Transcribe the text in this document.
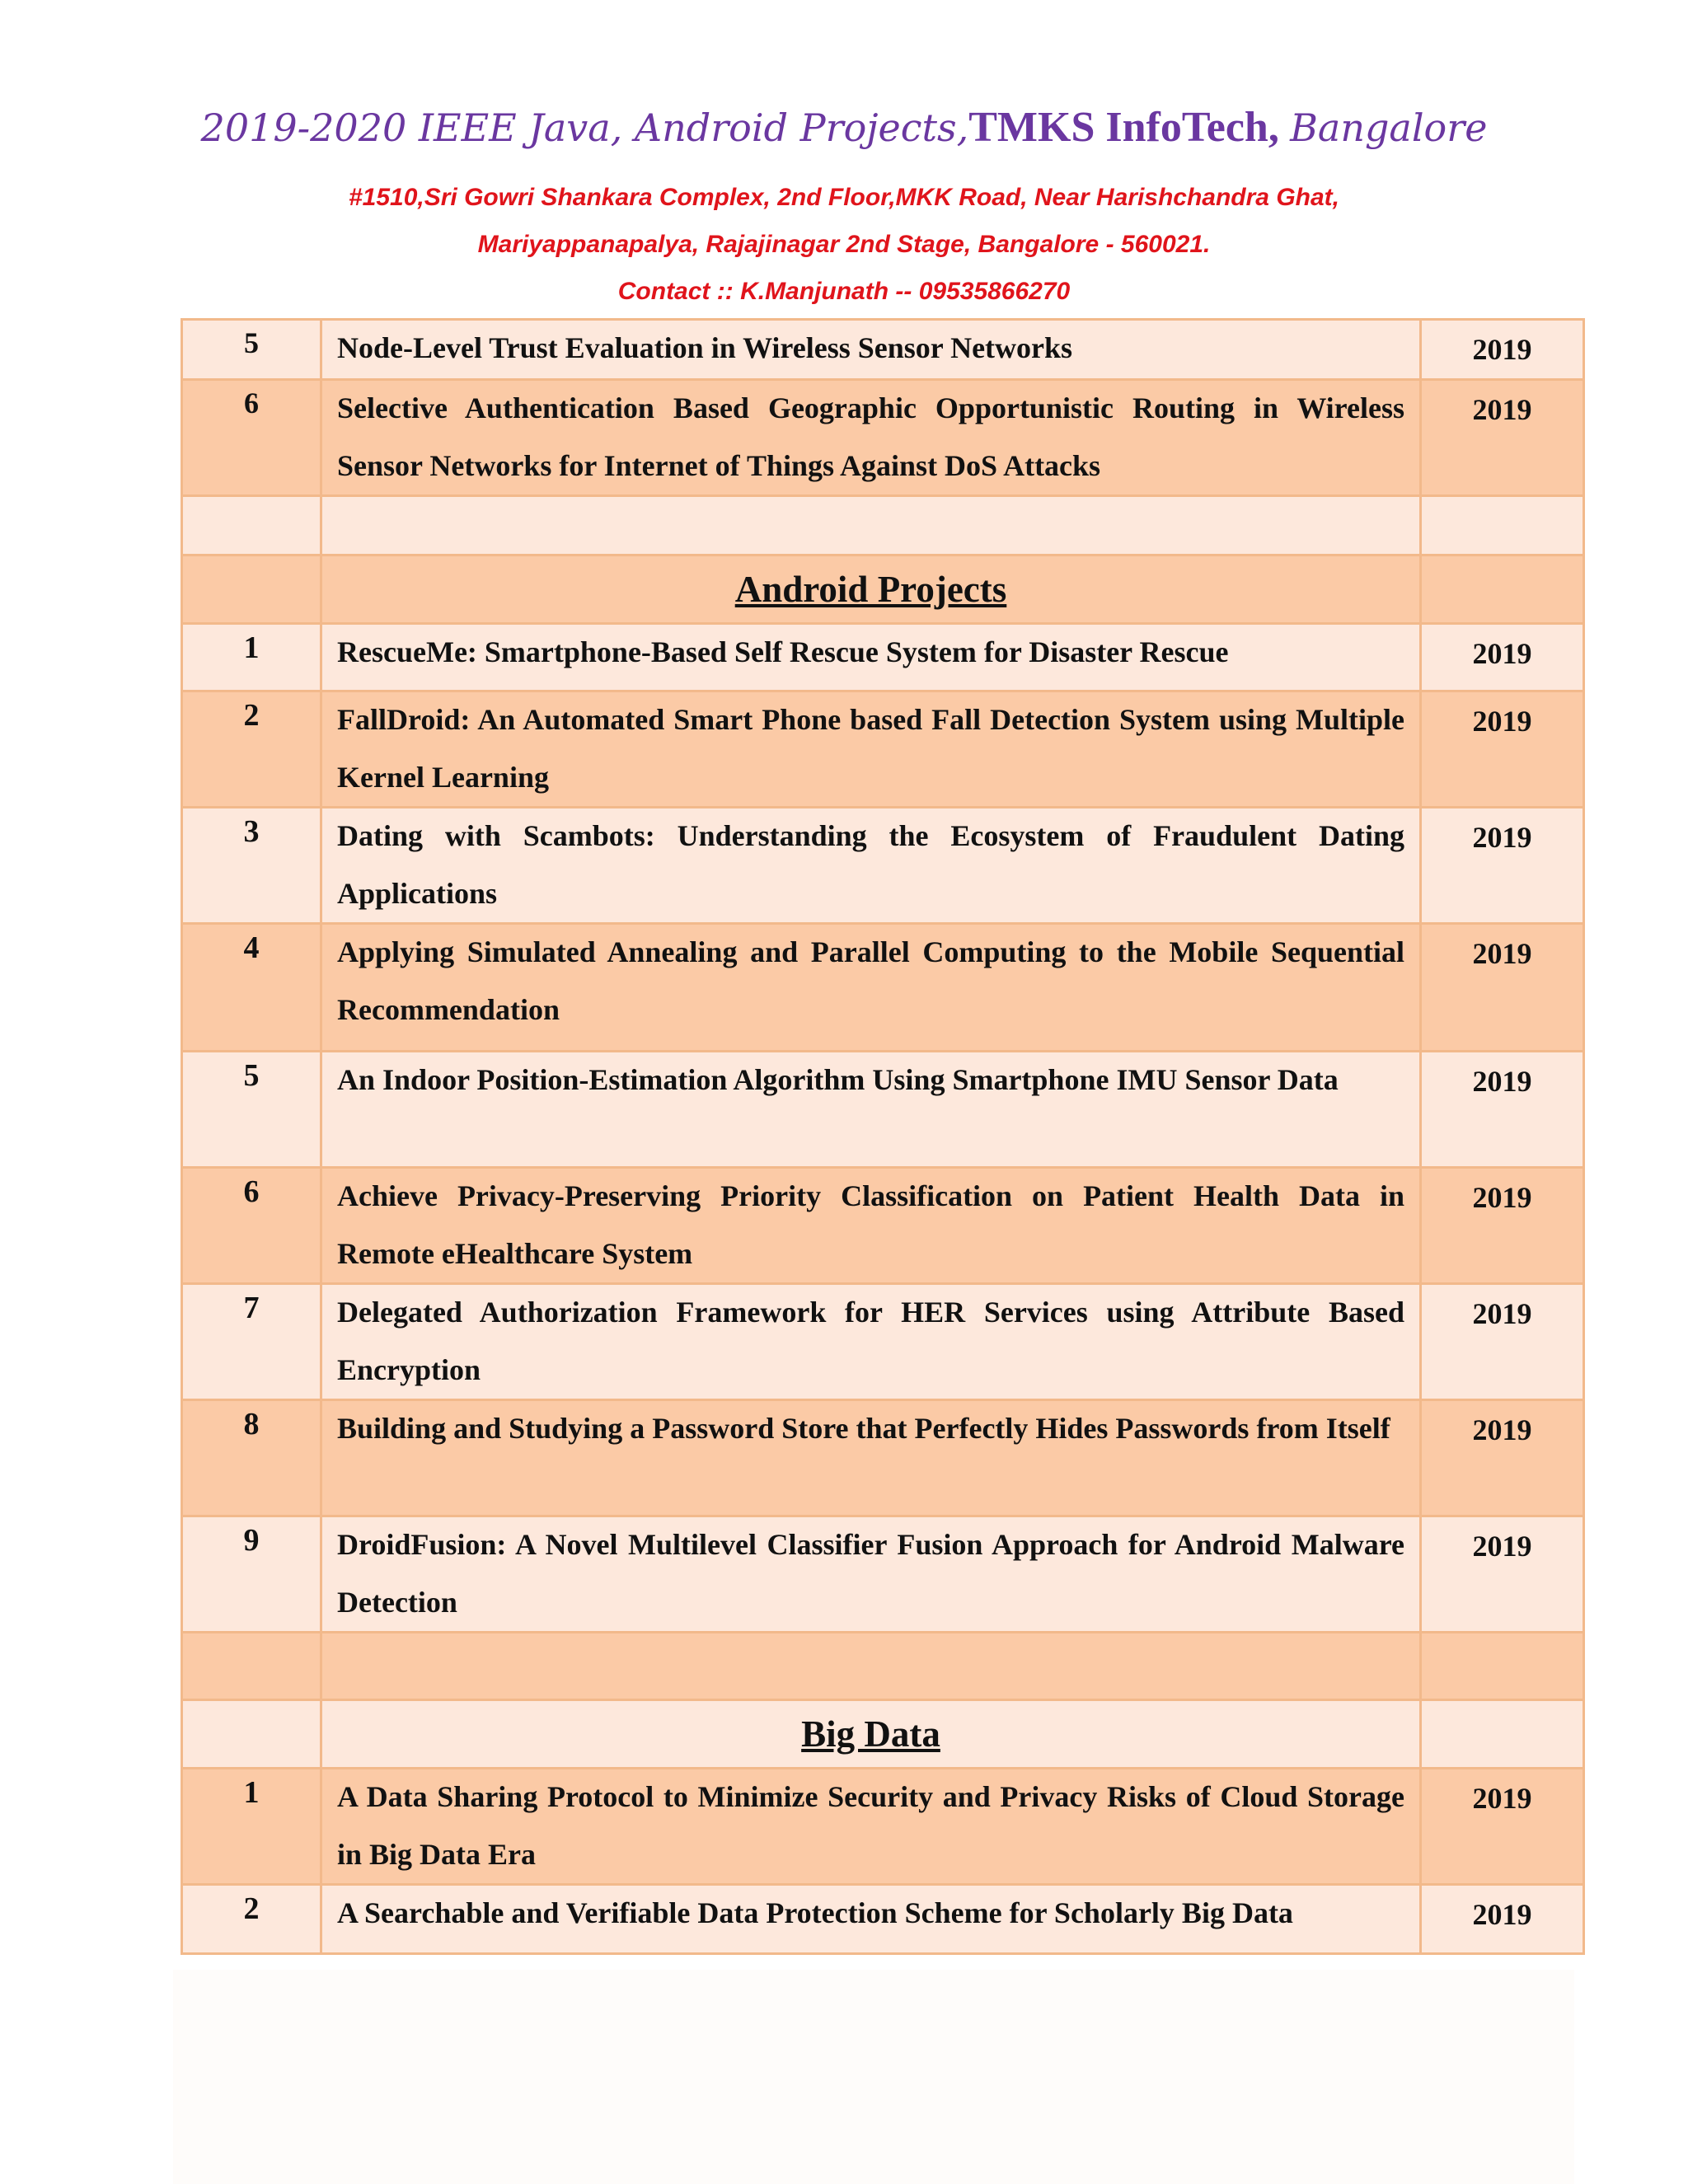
2019-2020 IEEE Java, Android Projects,TMKS InfoTech, Bangalore
#1510,Sri Gowri Shankara Complex, 2nd Floor,MKK Road, Near Harishchandra Ghat,
Mariyappanapalya, Rajajinagar 2nd Stage, Bangalore - 560021.
Contact :: K.Manjunath -- 09535866270
5	Node-Level Trust Evaluation in Wireless Sensor Networks	2019
6	Selective Authentication Based Geographic Opportunistic Routing in Wireless Sensor Networks for Internet of Things Against DoS Attacks	2019

	Android Projects	
1	RescueMe: Smartphone-Based Self Rescue System for Disaster Rescue	2019
2	FallDroid: An Automated Smart Phone based Fall Detection System using Multiple Kernel Learning	2019
3	Dating with Scambots: Understanding the Ecosystem of Fraudulent Dating Applications	2019
4	Applying Simulated Annealing and Parallel Computing to the Mobile Sequential Recommendation	2019
5	An Indoor Position-Estimation Algorithm Using Smartphone IMU Sensor Data	2019
6	Achieve Privacy-Preserving Priority Classification on Patient Health Data in Remote eHealthcare System	2019
7	Delegated Authorization Framework for HER Services using Attribute Based Encryption	2019
8	Building and Studying a Password Store that Perfectly Hides Passwords from Itself	2019
9	DroidFusion: A Novel Multilevel Classifier Fusion Approach for Android Malware Detection	2019

	Big Data	
1	A Data Sharing Protocol to Minimize Security and Privacy Risks of Cloud Storage in Big Data Era	2019
2	A Searchable and Verifiable Data Protection Scheme for Scholarly Big Data	2019
